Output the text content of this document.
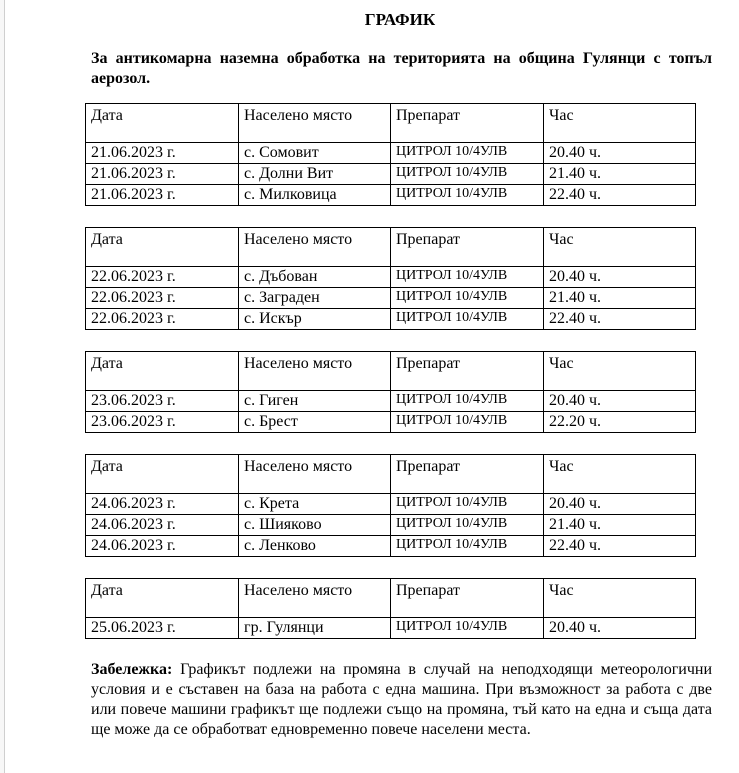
ГРАФИК
За антикомарна наземна обработка на територията на община Гулянци с топъл аерозол.
Дата	Населено място	Препарат	Час
21.06.2023 г.	с. Сомовит	ЦИТРОЛ 10/4УЛВ	20.40 ч.
21.06.2023 г.	с. Долни Вит	ЦИТРОЛ 10/4УЛВ	21.40 ч.
21.06.2023 г.	с. Милковица	ЦИТРОЛ 10/4УЛВ	22.40 ч.
Дата	Населено място	Препарат	Час
22.06.2023 г.	с. Дъбован	ЦИТРОЛ 10/4УЛВ	20.40 ч.
22.06.2023 г.	с. Заграден	ЦИТРОЛ 10/4УЛВ	21.40 ч.
22.06.2023 г.	с. Искър	ЦИТРОЛ 10/4УЛВ	22.40 ч.
Дата	Населено място	Препарат	Час
23.06.2023 г.	с. Гиген	ЦИТРОЛ 10/4УЛВ	20.40 ч.
23.06.2023 г.	с. Брест	ЦИТРОЛ 10/4УЛВ	22.20 ч.
Дата	Населено място	Препарат	Час
24.06.2023 г.	с. Крета	ЦИТРОЛ 10/4УЛВ	20.40 ч.
24.06.2023 г.	с. Шияково	ЦИТРОЛ 10/4УЛВ	21.40 ч.
24.06.2023 г.	с. Ленково	ЦИТРОЛ 10/4УЛВ	22.40 ч.
Дата	Населено място	Препарат	Час
25.06.2023 г.	гр. Гулянци	ЦИТРОЛ 10/4УЛВ	20.40 ч.
Забележка: Графикът подлежи на промяна в случай на неподходящи метеорологични условия и е съставен на база на работа с една машина. При възможност за работа с две или повече машини графикът ще подлежи също на промяна, тъй като на една и съща дата ще може да се обработват едновременно повече населени места.
